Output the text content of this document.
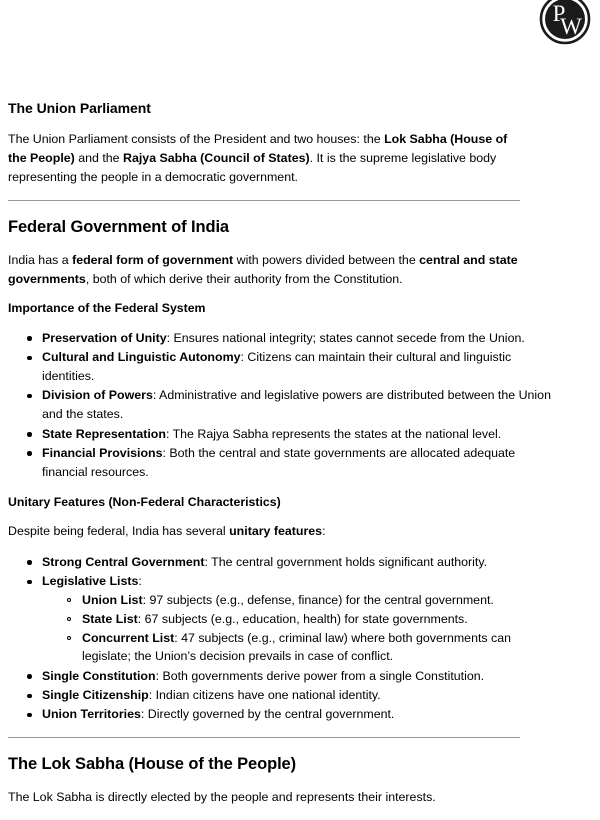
P
W
The Union Parliament

The Union Parliament consists of the President and two houses: the Lok Sabha (House of the People) and the Rajya Sabha (Council of States). It is the supreme legislative body representing the people in a democratic government.

Federal Government of India

India has a federal form of government with powers divided between the central and state governments, both of which derive their authority from the Constitution.

Importance of the Federal System
Preservation of Unity: Ensures national integrity; states cannot secede from the Union.
Cultural and Linguistic Autonomy: Citizens can maintain their cultural and linguistic identities.
Division of Powers: Administrative and legislative powers are distributed between the Union and the states.
State Representation: The Rajya Sabha represents the states at the national level.
Financial Provisions: Both the central and state governments are allocated adequate financial resources.
Unitary Features (Non-Federal Characteristics)

Despite being federal, India has several unitary features:

Strong Central Government: The central government holds significant authority.
Legislative Lists:
Union List: 97 subjects (e.g., defense, finance) for the central government.
State List: 67 subjects (e.g., education, health) for state governments.
Concurrent List: 47 subjects (e.g., criminal law) where both governments can legislate; the Union’s decision prevails in case of conflict.
Single Constitution: Both governments derive power from a single Constitution.
Single Citizenship: Indian citizens have one national identity.
Union Territories: Directly governed by the central government.
The Lok Sabha (House of the People)

The Lok Sabha is directly elected by the people and represents their interests.
